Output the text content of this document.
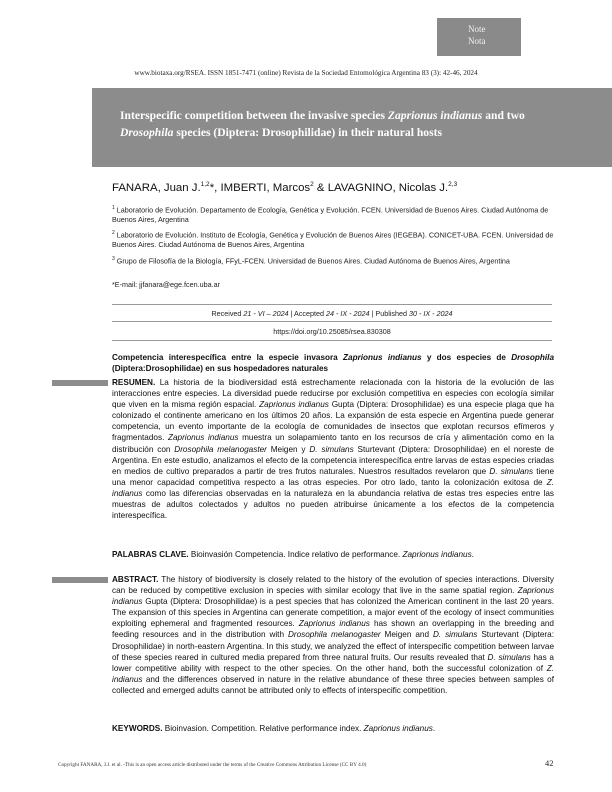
Note
Nota
www.biotaxa.org/RSEA. ISSN 1851-7471 (online) Revista de la Sociedad Entomológica Argentina 83 (3): 42-46, 2024
Interspecific competition between the invasive species Zaprionus indianus and two Drosophila species (Diptera: Drosophilidae) in their natural hosts
FANARA, Juan J.$^{1,2}$*, IMBERTI, Marcos$^2$ & LAVAGNINO, Nicolas J.$^{2,3}$
$^1$ Laboratorio de Evolución. Departamento de Ecología, Genética y Evolución. FCEN. Universidad de Buenos Aires. Ciudad Autónoma de Buenos Aires, Argentina
$^2$ Laboratorio de Evolución. Instituto de Ecología, Genética y Evolución de Buenos Aires (IEGEBA). CONICET-UBA. FCEN. Universidad de Buenos Aires. Ciudad Autónoma de Buenos Aires, Argentina
$^3$ Grupo de Filosofía de la Biología, FFyL-FCEN. Universidad de Buenos Aires. Ciudad Autónoma de Buenos Aires, Argentina
*E-mail: jjfanara@ege.fcen.uba.ar
Received 21 - VI – 2024 | Accepted 24 - IX - 2024 | Published 30 - IX - 2024
https://doi.org/10.25085/rsea.830308
Competencia interespecífica entre la especie invasora Zaprionus indianus y dos especies de Drosophila (Diptera:Drosophilidae) en sus hospedadores naturales
RESUMEN. La historia de la biodiversidad está estrechamente relacionada con la historia de la evolución de las interacciones entre especies. La diversidad puede reducirse por exclusión competitiva en especies con ecología similar que viven en la misma región espacial. Zaprionus indianus Gupta (Diptera: Drosophilidae) es una especie plaga que ha colonizado el continente americano en los últimos 20 años. La expansión de esta especie en Argentina puede generar competencia, un evento importante de la ecología de comunidades de insectos que explotan recursos efímeros y fragmentados. Zaprionus indianus muestra un solapamiento tanto en los recursos de cría y alimentación como en la distribución con Drosophila melanogaster Meigen y D. simulans Sturtevant (Diptera: Drosophilidae) en el noreste de Argentina. En este estudio, analizamos el efecto de la competencia interespecífica entre larvas de estas especies criadas en medios de cultivo preparados a partir de tres frutos naturales. Nuestros resultados revelaron que D. simulans tiene una menor capacidad competitiva respecto a las otras especies. Por otro lado, tanto la colonización exitosa de Z. indianus como las diferencias observadas en la naturaleza en la abundancia relativa de estas tres especies entre las muestras de adultos colectados y adultos no pueden atribuirse únicamente a los efectos de la competencia interespecífica.
PALABRAS CLAVE. Bioinvasión Competencia. Indice relativo de performance. Zaprionus indianus.
ABSTRACT. The history of biodiversity is closely related to the history of the evolution of species interactions. Diversity can be reduced by competitive exclusion in species with similar ecology that live in the same spatial region. Zaprionus indianus Gupta (Diptera: Drosophilidae) is a pest species that has colonized the American continent in the last 20 years. The expansion of this species in Argentina can generate competition, a major event of the ecology of insect communities exploiting ephemeral and fragmented resources. Zaprionus indianus has shown an overlapping in the breeding and feeding resources and in the distribution with Drosophila melanogaster Meigen and D. simulans Sturtevant (Diptera: Drosophilidae) in north-eastern Argentina. In this study, we analyzed the effect of interspecific competition between larvae of these species reared in cultured media prepared from three natural fruits. Our results revealed that D. simulans has a lower competitive ability with respect to the other species. On the other hand, both the successful colonization of Z. indianus and the differences observed in nature in the relative abundance of these three species between samples of collected and emerged adults cannot be attributed only to effects of interspecific competition.
KEYWORDS. Bioinvasion. Competition. Relative performance index. Zaprionus indianus.
Copyright FANARA, J.J. et al. -This is an open access article distributed under the terms of the Creative Commons Attribution License (CC BY 4.0)	42
